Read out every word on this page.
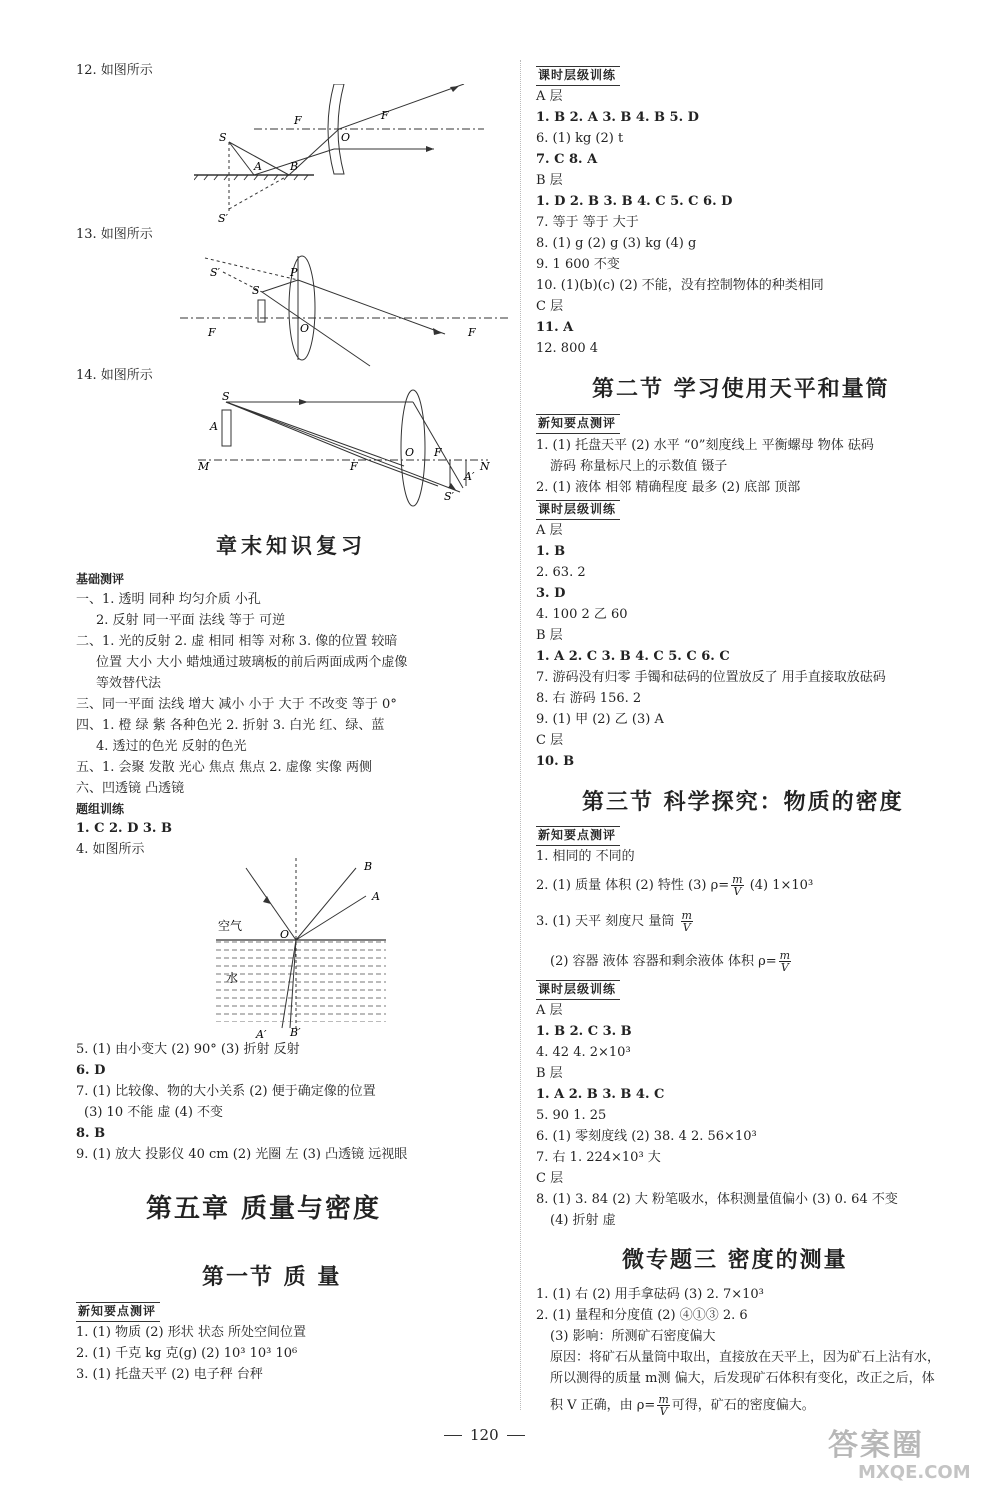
12. 如图所示
S
F
O
F
A	B
S′
13. 如图所示
S′	P
S
F	O	F
14. 如图所示
S
A
M	F
O F
N
A′
S′
章末知识复习
基础测评
一、1. 透明 同种 均匀介质 小孔
2. 反射 同一平面 法线 等于 可逆
二、1. 光的反射 2. 虚 相同 相等 对称 3. 像的位置 较暗
位置 大小 大小 蜡烛通过玻璃板的前后两面成两个虚像
等效替代法
三、同一平面 法线 增大 减小 小于 大于 不改变 等于 0°
四、1. 橙 绿 紫 各种色光 2. 折射 3. 白光 红、绿、蓝
4. 透过的色光 反射的色光
五、1. 会聚 发散 光心 焦点 焦点 2. 虚像 实像 两侧
六、凹透镜 凸透镜
题组训练
1. C 2. D 3. B
4. 如图所示
B
A
空气
O
水
A′ B′
5. (1) 由小变大 (2) 90° (3) 折射 反射
6. D
7. (1) 比较像、物的大小关系 (2) 便于确定像的位置
(3) 10 不能 虚 (4) 不变
8. B
9. (1) 放大 投影仪 40 cm (2) 光圈 左 (3) 凸透镜 远视眼
第五章 质量与密度
第一节 质 量
新知要点测评
1. (1) 物质 (2) 形状 状态 所处空间位置
2. (1) 千克 kg 克(g) (2) 10³ 10³ 10⁶
3. (1) 托盘天平 (2) 电子秤 台秤
课时层级训练
A 层
1. B 2. A 3. B 4. B 5. D
6. (1) kg (2) t
7. C 8. A
B 层
1. D 2. B 3. B 4. C 5. C 6. D
7. 等于 等于 大于
8. (1) g (2) g (3) kg (4) g
9. 1 600 不变
10. (1)(b)(c) (2) 不能，没有控制物体的种类相同
C 层
11. A
12. 800 4
第二节 学习使用天平和量筒
新知要点测评
1. (1) 托盘天平 (2) 水平 “0”刻度线上 平衡螺母 物体 砝码
游码 称量标尺上的示数值 镊子
2. (1) 液体 相邻 精确程度 最多 (2) 底部 顶部
课时层级训练
A 层
1. B
2. 63. 2
3. D
4. 100 2 乙 60
B 层
1. A 2. C 3. B 4. C 5. C 6. C
7. 游码没有归零 手镯和砝码的位置放反了 用手直接取放砝码
8. 右 游码 156. 2
9. (1) 甲 (2) 乙 (3) A
C 层
10. B
第三节 科学探究：物质的密度
新知要点测评
1. 相同的 不同的
2. (1) 质量 体积 (2) 特性 (3) $\rho= \frac{m}{V} (4)$ 1×10³
3. (1) 天平 刻度尺 量筒 $\frac{m}{V}$
(2) 容器 液体 容器和剩余液体 体积 $\rho= \frac{m}{V}$
课时层级训练
A 层
1. B 2. C 3. B
4. 42 4. 2×10³
B 层
1. A 2. B 3. B 4. C
5. 90 1. 25
6. (1) 零刻度线 (2) 38. 4 2. 56×10³
7. 右 1. 224×10³ 大
C 层
8. (1) 3. 84 (2) 大 粉笔吸水，体积测量值偏小 (3) 0. 64 不变
(4) 折射 虚
微专题三 密度的测量
1. (1) 右 (2) 用手拿砝码 (3) 2. 7×10³
2. (1) 量程和分度值 (2) ④①③ 2. 6
(3) 影响：所测矿石密度偏大
原因：将矿石从量筒中取出，直接放在天平上，因为矿石上沾有水，
所以测得的质量 m测 偏大，后发现矿石体积有变化，改正之后，体
积 V 正确，由 $\rho= \frac{m}{V}$ 可得，矿石的密度偏大。
120	答案圈
MXQE.COM
